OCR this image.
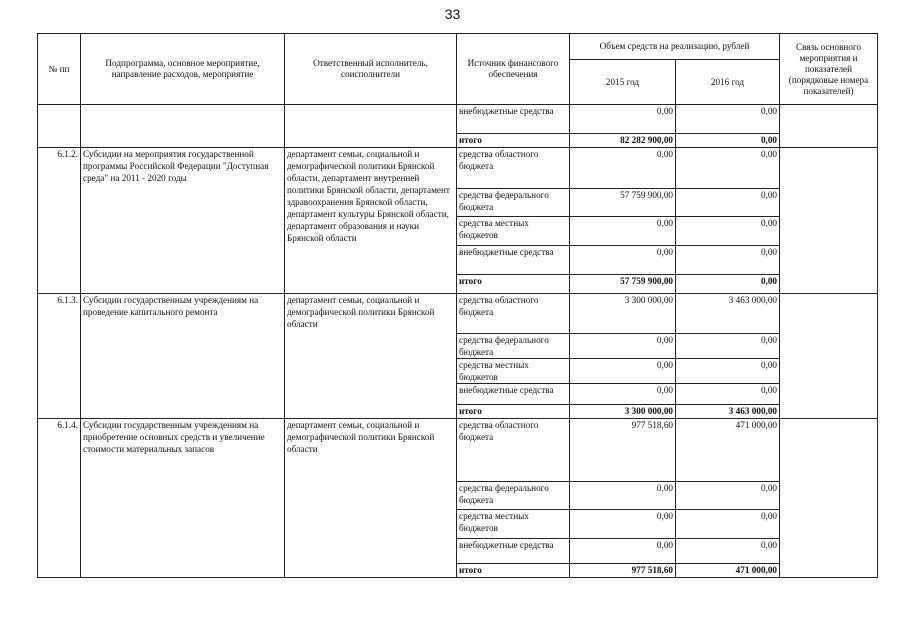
33
№ пп	Подпрограмма, основное мероприятие, направление расходов, мероприятие	Ответственный исполнитель, соисполнители	Источник финансового обеспечения	Объем средств на реализацию, рублей		Связь основного мероприятия и показателей (порядковые номера показателей)
				2015 год	2016 год	
			внебюджетные средства	0,00	0,00	
			итого	82 282 900,00	0,00	
6.1.2.	Субсидии на мероприятия государственной программы Российской Федерации "Доступная среда" на 2011 - 2020 годы	департамент семьи, социальной и демографической политики Брянской области, департамент внутренней политики Брянской области, департамент здравоохранения Брянской области, департамент культуры Брянской области, департамент образования и науки Брянской области	средства областного бюджета	0,00	0,00	
			средства федерального бюджета	57 759 900,00	0,00	
			средства местных бюджетов	0,00	0,00	
			внебюджетные средства	0,00	0,00	
			итого	57 759 900,00	0,00	
6.1.3.	Субсидии государственным учреждениям на проведение капитального ремонта	департамент семьи, социальной и демографической политики Брянской области	средства областного бюджета	3 300 000,00	3 463 000,00	
			средства федерального бюджета	0,00	0,00	
			средства местных бюджетов	0,00	0,00	
			внебюджетные средства	0,00	0,00	
			итого	3 300 000,00	3 463 000,00	
6.1.4.	Субсидии государственным учреждениям на приобретение основных средств и увеличение стоимости материальных запасов	департамент семьи, социальной и демографической политики Брянской области	средства областного бюджета	977 518,60	471 000,00	
			средства федерального бюджета	0,00	0,00	
			средства местных бюджетов	0,00	0,00	
			внебюджетные средства	0,00	0,00	
			итого	977 518,60	471 000,00	
